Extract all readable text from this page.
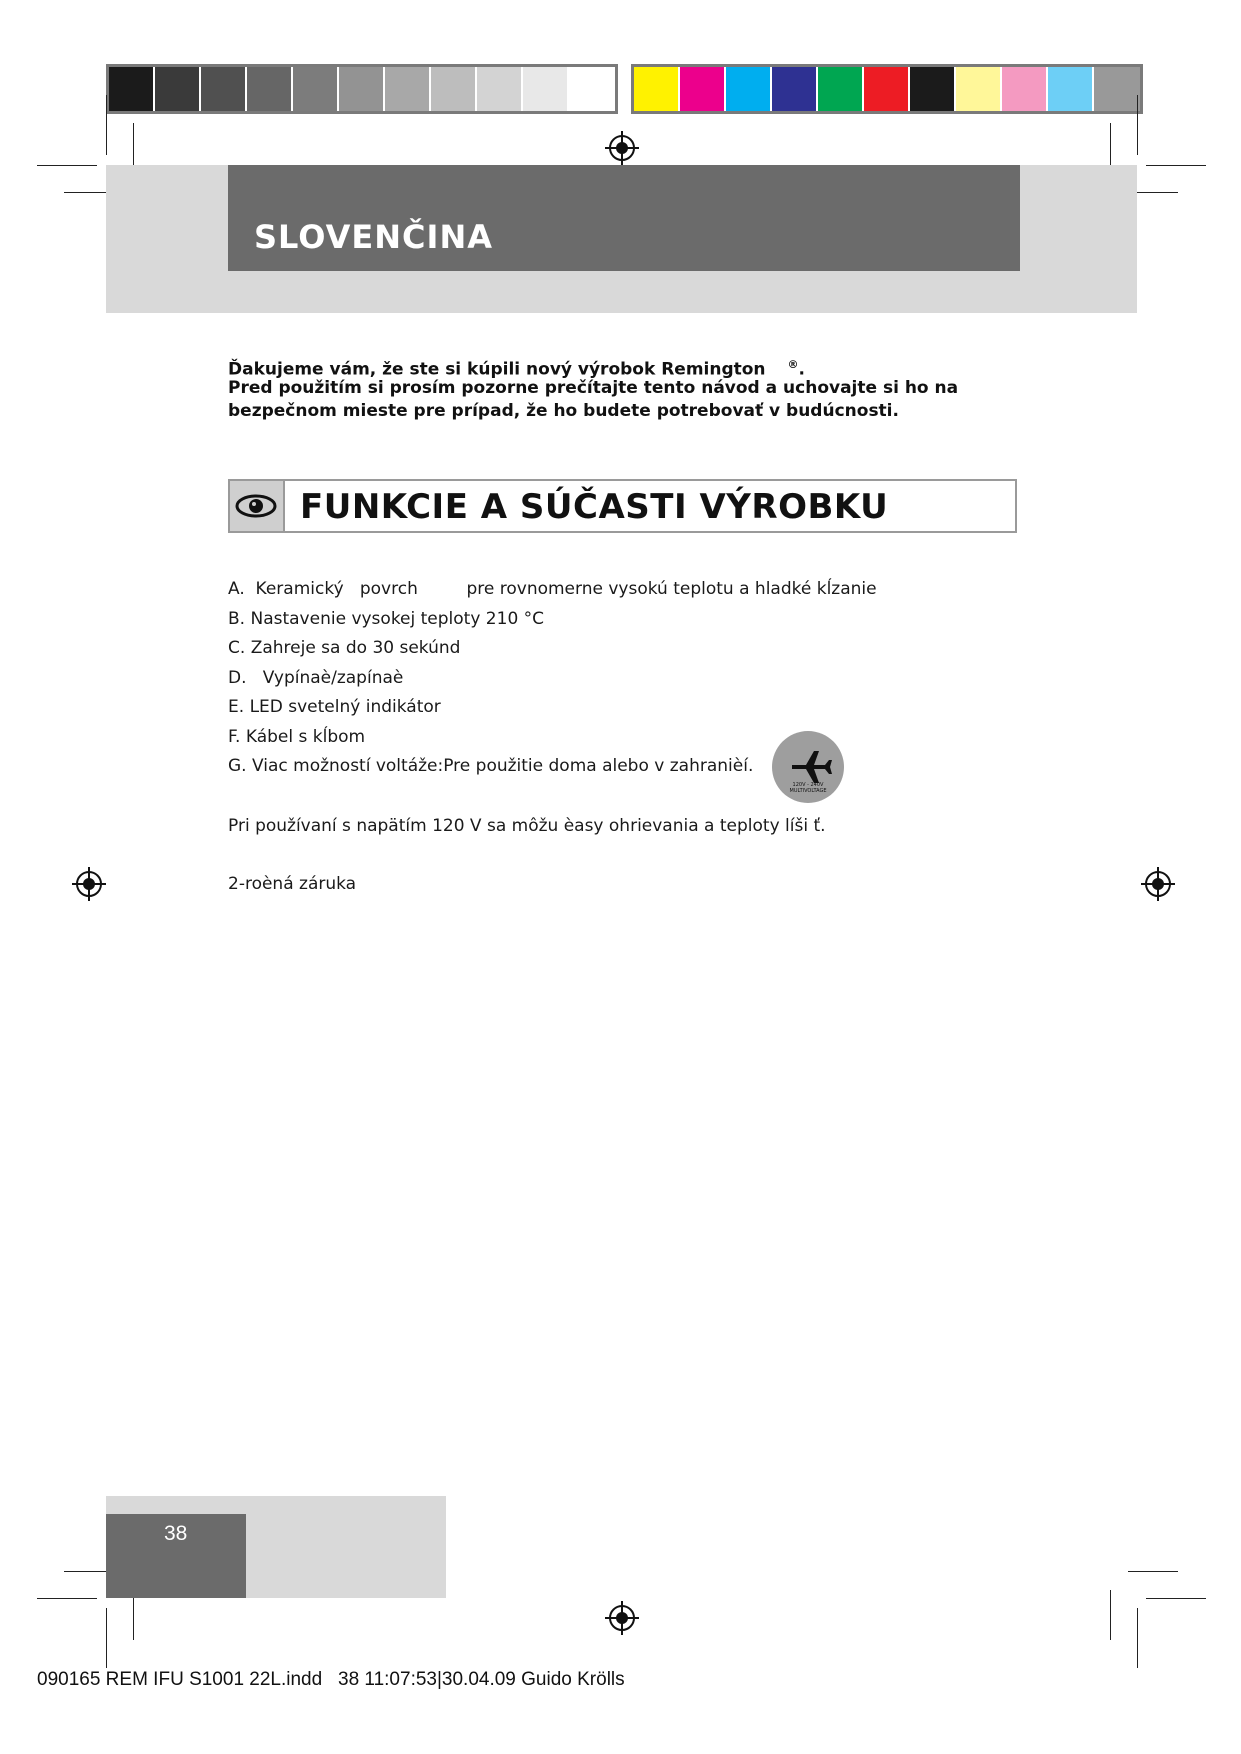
SLOVENČINA
Ďakujeme vám, že ste si kúpili nový výrobok Remington ®.
Pred použitím si prosím pozorne prečítajte tento návod a uchovajte si ho na
bezpečnom mieste pre prípad, že ho budete potrebovať v budúcnosti.
FUNKCIE A SÚČASTI VÝROBKU
A. Keramický   povrch         pre rovnomerne vysokú teplotu a hladké kĺzanie
B. Nastavenie vysokej teploty 210 °C
C. Zahreje sa do 30 sekúnd
D. Vypínaè/zapínaè
E. LED svetelný indikátor
F. Kábel s kĺbom
G. Viac možností voltáže:Pre použitie doma alebo v zahranièí.
120V - 240V
MULTIVOLTAGE
Pri používaní s napätím 120 V sa môžu èasy ohrievania a teploty líši ť.
2-roèná záruka
38
090165 REM IFU S1001 22L.indd   38 11:07:53|30.04.09 Guido Krölls
